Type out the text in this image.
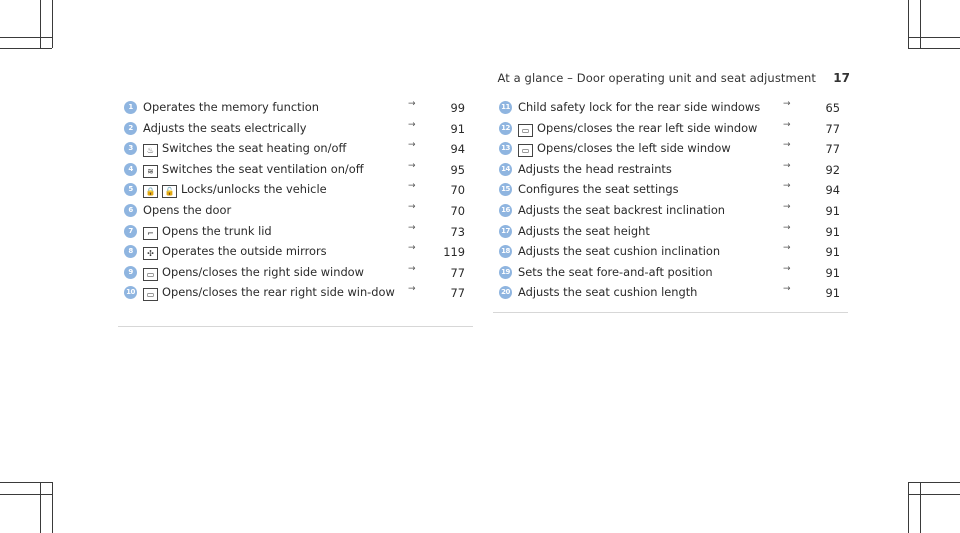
At a glance – Door operating unit and seat adjustment 17
1 Operates the memory function	→	99
2 Adjusts the seats electrically	→	91
3	♨ Switches the seat heating on/off	→	94
4	≋ Switches the seat ventilation on/off	→	95
5	🔒 🔓 Locks/unlocks the vehicle	→	70
6 Opens the door	→	70
7	⌐ Opens the trunk lid	→	73
8	✣ Operates the outside mirrors	→	119
9	▭ Opens/closes the right side window	→	77
10	▭ Opens/closes the rear right side win-dow	→	77
11 Child safety lock for the rear side windows	→	65
12	▭ Opens/closes the rear left side window	→	77
13	▭ Opens/closes the left side window	→	77
14 Adjusts the head restraints	→	92
15 Configures the seat settings	→	94
16 Adjusts the seat backrest inclination	→	91
17 Adjusts the seat height	→	91
18 Adjusts the seat cushion inclination	→	91
19 Sets the seat fore-and-aft position	→	91
20 Adjusts the seat cushion length	→	91
